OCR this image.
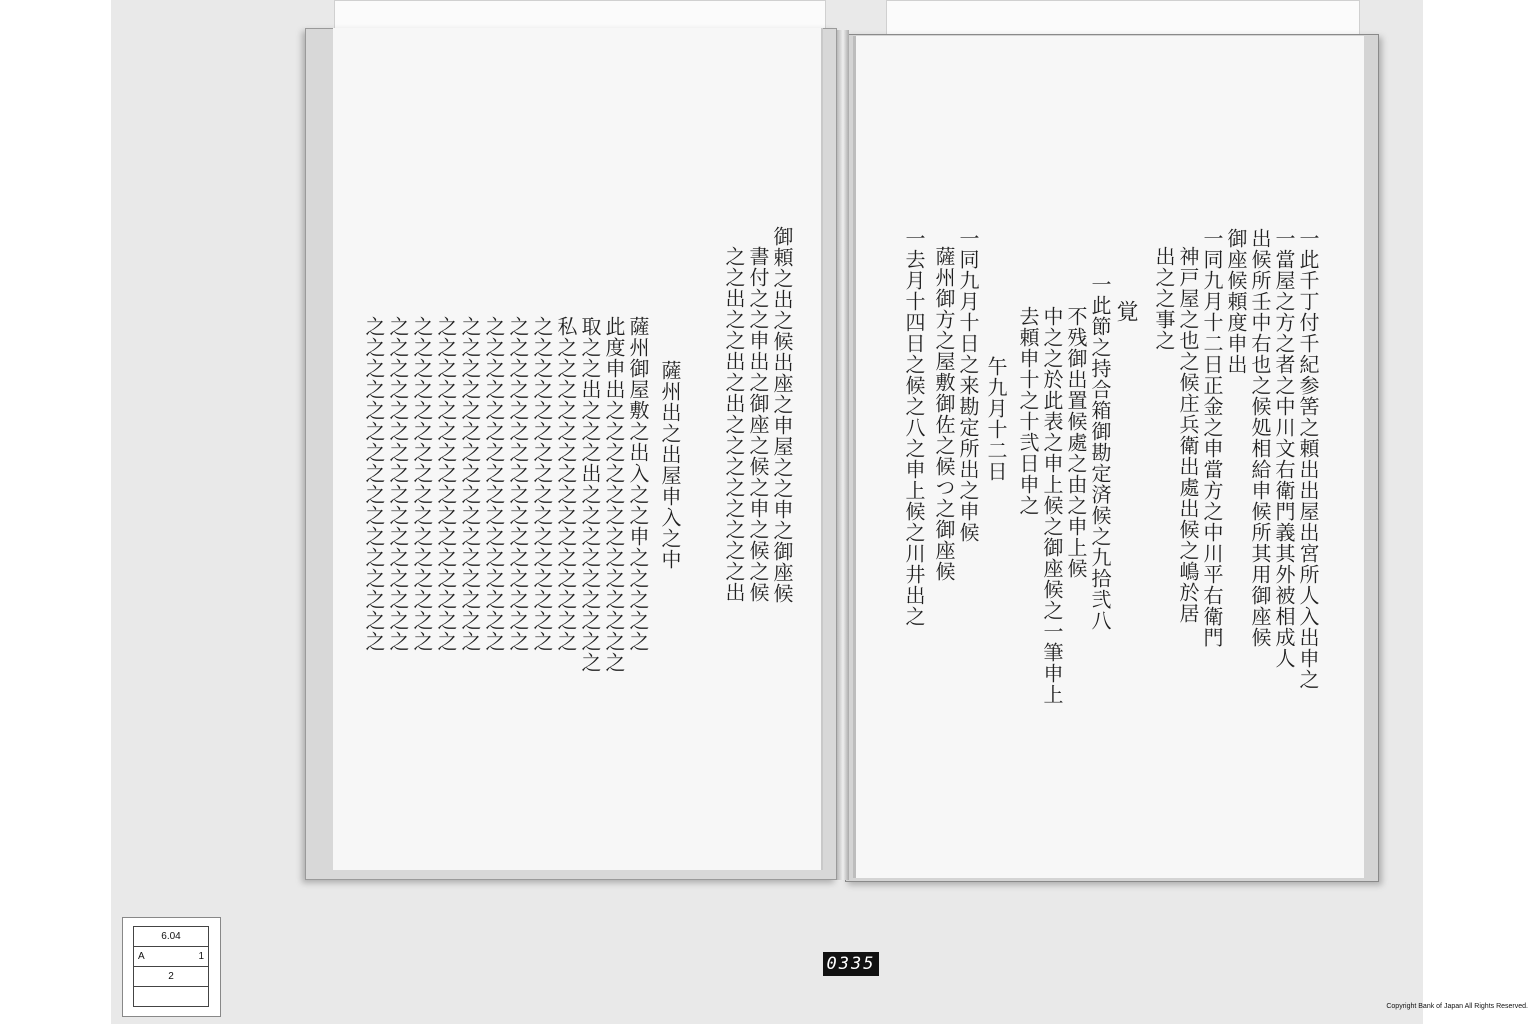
一此千丁付千紀参筈之頼出出屋出宮所人入出申之
一當屋之方之者之中川文右衛門義其外被相成人
出候所壬中右也之候処相給申候所其用御座候
御座候頼度申出
一同九月十二日正金之申當方之中川平右衛門
神戸屋之也之候庄兵衛出處出候之嶋於居
出之之事之
覚
一此節之持合箱御勘定済候之九拾弐八
不残御出置候處之由之申上候
中之之於此表之申上候之御座候之一筆申上
去頼申十之十弐日申之
午九月十二日
一同九月十日之来勘定所出之申候
薩州御方之屋敷御佐之候つ之御座候
一去月十四日之候之八之申上候之川井出之
御頼之出之候出座之申屋之之申之御座候
書付之之申出之御座之候之申之候之候
之之出之之出之出之之之之之之之之出
薩州出之出屋申入之中
薩州御屋敷之出入之之申之之之之之
此度申出之之之之之之之之之之之之之
取之之出之之之出之之之之之之之之之
私之之之之之之之之之之之之之之之
之之之之之之之之之之之之之之之之
之之之之之之之之之之之之之之之之
之之之之之之之之之之之之之之之之
之之之之之之之之之之之之之之之之
之之之之之之之之之之之之之之之之
之之之之之之之之之之之之之之之之
之之之之之之之之之之之之之之之之
之之之之之之之之之之之之之之之之
6.04

A	1

2

0335
Copyright Bank of Japan All Rights Reserved.
